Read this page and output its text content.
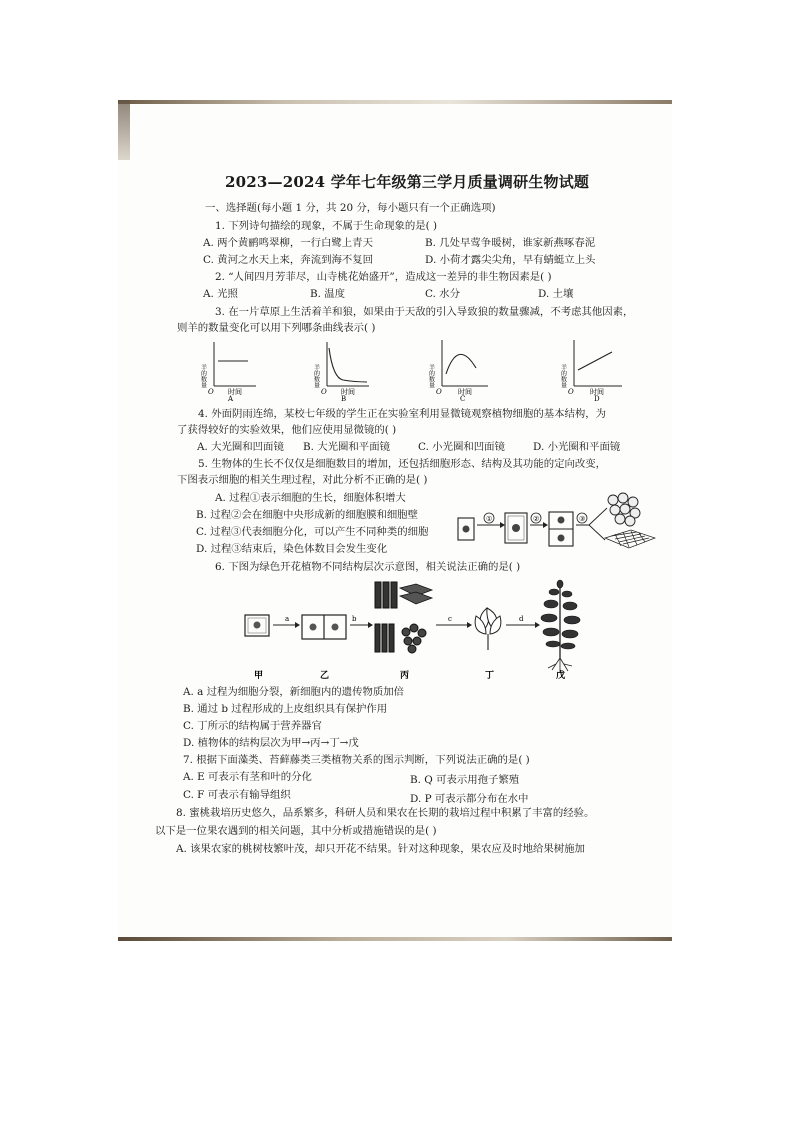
2023—2024 学年七年级第三学月质量调研生物试题
一、选择题(每小题 1 分，共 20 分，每小题只有一个正确选项)
1. 下列诗句描绘的现象，不属于生命现象的是( )
A. 两个黄鹂鸣翠柳，一行白鹭上青天	B. 几处早莺争暖树，谁家新燕啄春泥
C. 黄河之水天上来，奔流到海不复回	D. 小荷才露尖尖角，早有蜻蜓立上头
2. “人间四月芳菲尽，山寺桃花始盛开”，造成这一差异的非生物因素是( )
A. 光照	B. 温度	C. 水分	D. 土壤
3. 在一片草原上生活着羊和狼，如果由于天敌的引入导致狼的数量骤减，不考虑其他因素，
则羊的数量变化可以用下列哪条曲线表示( )
羊的数量
O 时间
A
羊的数量
O 时间
B
羊的数量
O 时间
C
羊的数量
O 时间
D
4. 外面阴雨连绵，某校七年级的学生正在实验室利用显微镜观察植物细胞的基本结构，为
了获得较好的实验效果，他们应使用显微镜的( )
A. 大光圈和凹面镜 B. 大光圈和平面镜	C. 小光圈和凹面镜	D. 小光圈和平面镜
5. 生物体的生长不仅仅是细胞数目的增加，还包括细胞形态、结构及其功能的定向改变，
下图表示细胞的相关生理过程，对此分析不正确的是( )
A. 过程①表示细胞的生长，细胞体积增大
B. 过程②会在细胞中央形成新的细胞膜和细胞壁
C. 过程③代表细胞分化，可以产生不同种类的细胞
D. 过程③结束后，染色体数目会发生变化
①	②	③
6. 下图为绿色开花植物不同结构层次示意图，相关说法正确的是( )
a	b	c	d
甲	乙	丙	丁	戊
A. a 过程为细胞分裂，新细胞内的遗传物质加倍
B. 通过 b 过程形成的上皮组织具有保护作用
C. 丁所示的结构属于营养器官
D. 植物体的结构层次为甲→丙→丁→戊
7. 根据下面藻类、苔藓藤类三类植物关系的图示判断，下列说法正确的是( )
A. E 可表示有茎和叶的分化	B. Q 可表示用孢子繁殖
C. F 可表示有输导组织	D. P 可表示都分布在水中
8. 蜜桃栽培历史悠久，品系繁多，科研人员和果农在长期的栽培过程中积累了丰富的经验。
以下是一位果农遇到的相关问题，其中分析或措施错误的是( )
A. 该果农家的桃树枝繁叶茂，却只开花不结果。针对这种现象，果农应及时地给果树施加
